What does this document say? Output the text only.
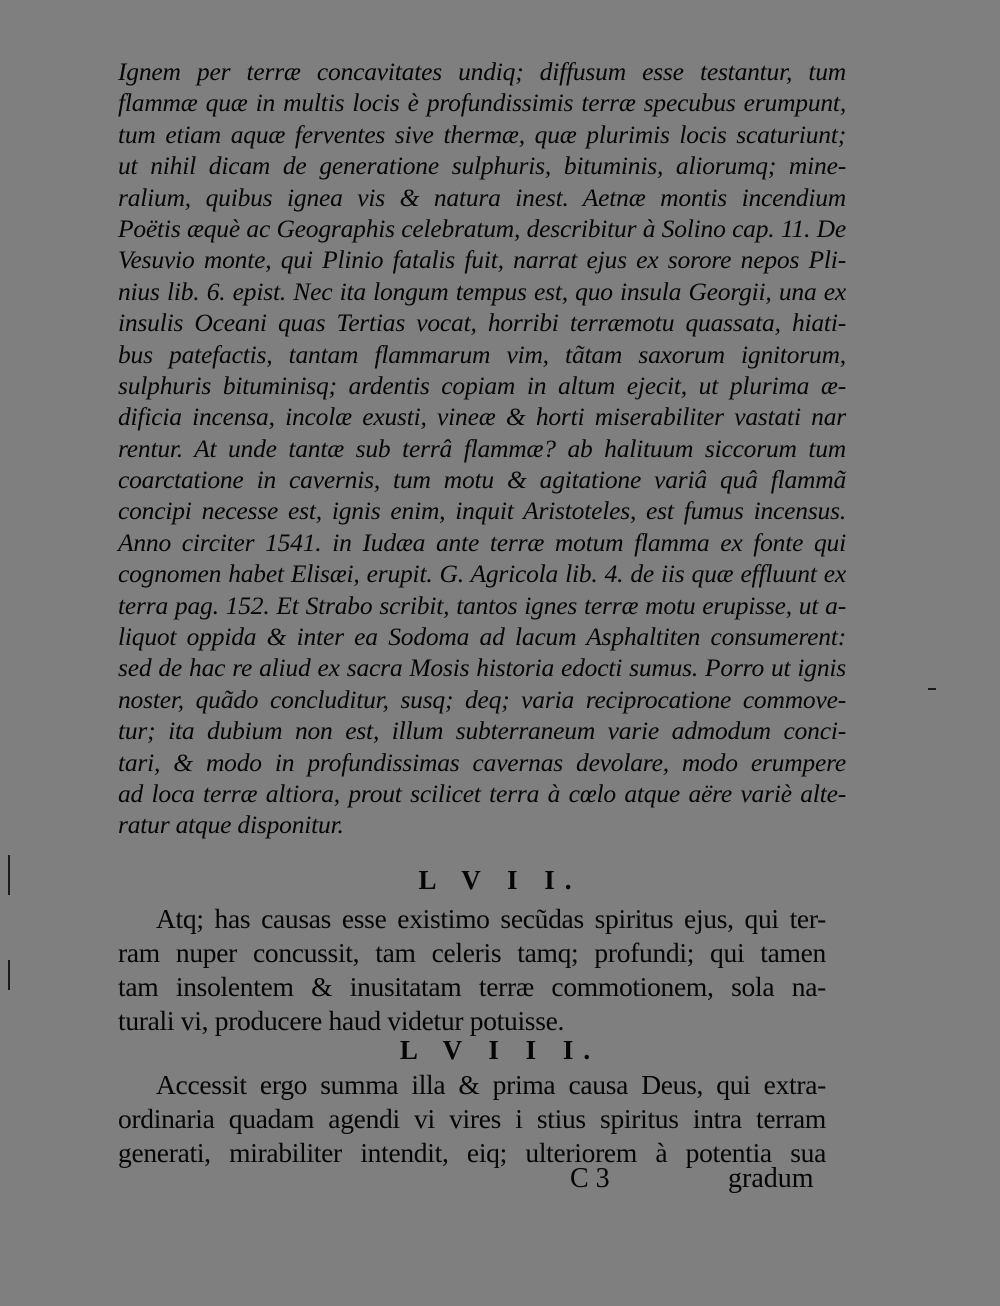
Ignem per terræ concavitates undiq; diffusum esse testantur, tum
flammæ quæ in multis locis è profundissimis terræ specubus erumpunt,
tum etiam aquæ ferventes sive thermæ, quæ plurimis locis scaturiunt;
ut nihil dicam de generatione sulphuris, bituminis, aliorumq; mine-
ralium, quibus ignea vis & natura inest. Aetnæ montis incendium
Poëtis æquè ac Geographis celebratum, describitur à Solino cap. 11. De
Vesuvio monte, qui Plinio fatalis fuit, narrat ejus ex sorore nepos Pli-
nius lib. 6. epist. Nec ita longum tempus est, quo insula Georgii, una ex
insulis Oceani quas Tertias vocat, horribi terræmotu quassata, hiati-
bus patefactis, tantam flammarum vim, tãtam saxorum ignitorum,
sulphuris bituminisq; ardentis copiam in altum ejecit, ut plurima æ-
dificia incensa, incolæ exusti, vineæ & horti miserabiliter vastati nar
rentur. At unde tantæ sub terrâ flammæ? ab halituum siccorum tum
coarctatione in cavernis, tum motu & agitatione variâ quâ flammã
concipi necesse est, ignis enim, inquit Aristoteles, est fumus incensus.
Anno circiter 1541. in Iudæa ante terræ motum flamma ex fonte qui
cognomen habet Elisæi, erupit. G. Agricola lib. 4. de iis quæ effluunt ex
terra pag. 152. Et Strabo scribit, tantos ignes terræ motu erupisse, ut a-
liquot oppida & inter ea Sodoma ad lacum Asphaltiten consumerent:
sed de hac re aliud ex sacra Mosis historia edocti sumus. Porro ut ignis
noster, quãdo concluditur, susq; deq; varia reciprocatione commove-
tur; ita dubium non est, illum subterraneum varie admodum conci-
tari, & modo in profundissimas cavernas devolare, modo erumpere
ad loca terræ altiora, prout scilicet terra à cœlo atque aëre variè alte-
ratur atque disponitur.
L V I I.
Atq; has causas esse existimo secũdas spiritus ejus, qui ter-
ram nuper concussit, tam celeris tamq; profundi; qui tamen
tam insolentem & inusitatam terræ commotionem, sola na-
turali vi, producere haud videtur potuisse.
L V I I I.
Accessit ergo summa illa & prima causa Deus, qui extra-
ordinaria quadam agendi vi vires i stius spiritus intra terram
generati, mirabiliter intendit, eiq; ulteriorem à potentia sua
C 3	gradum
